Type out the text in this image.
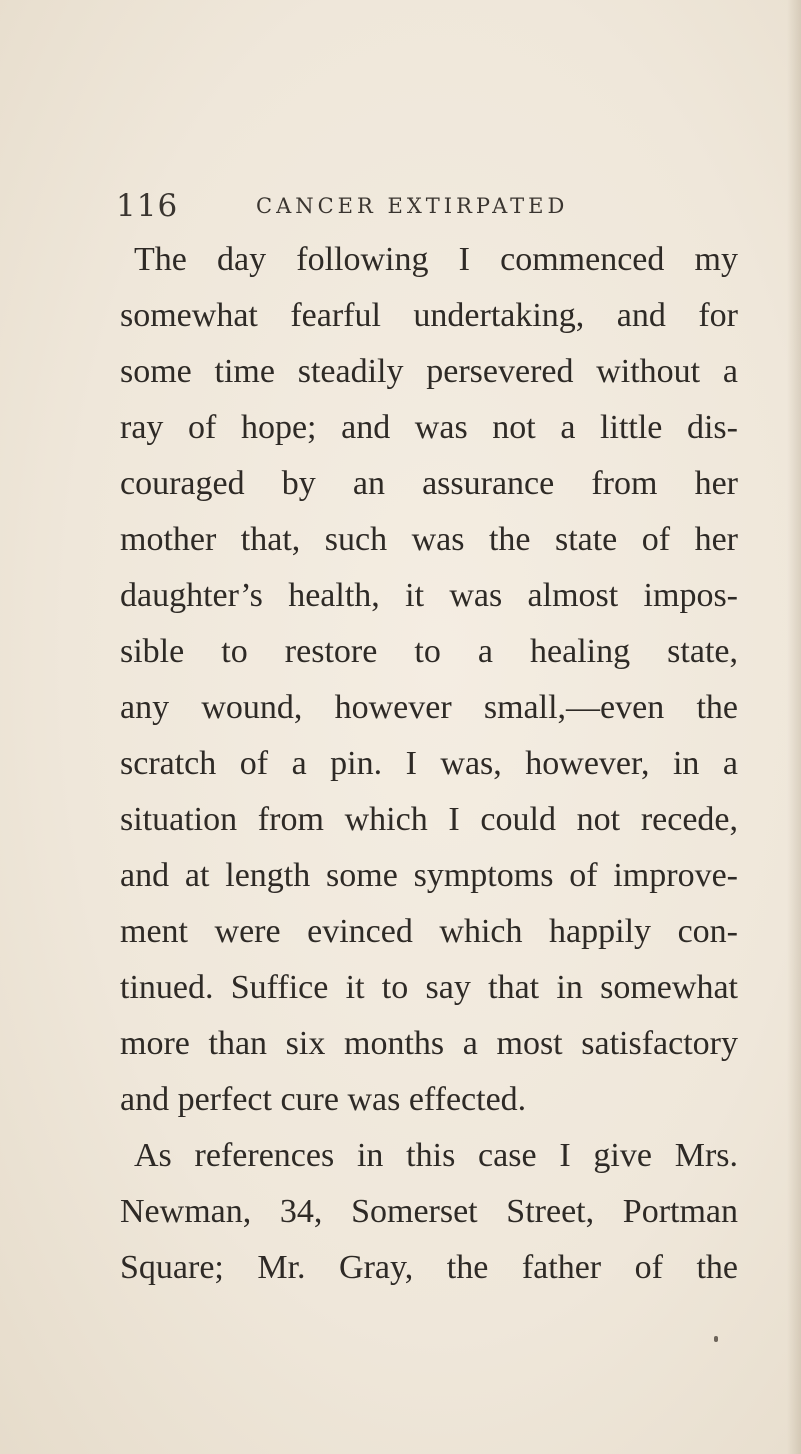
116	CANCER EXTIRPATED

The day following I commenced my

somewhat fearful undertaking, and for

some time steadily persevered without a

ray of hope; and was not a little dis-

couraged by an assurance from her

mother that, such was the state of her

daughter’s health, it was almost impos-

sible to restore to a healing state,

any wound, however small,—even the

scratch of a pin. I was, however, in a

situation from which I could not recede,

and at length some symptoms of improve-

ment were evinced which happily con-

tinued. Suffice it to say that in somewhat

more than six months a most satisfactory

and perfect cure was effected.

As references in this case I give Mrs.

Newman, 34, Somerset Street, Portman

Square; Mr. Gray, the father of the
